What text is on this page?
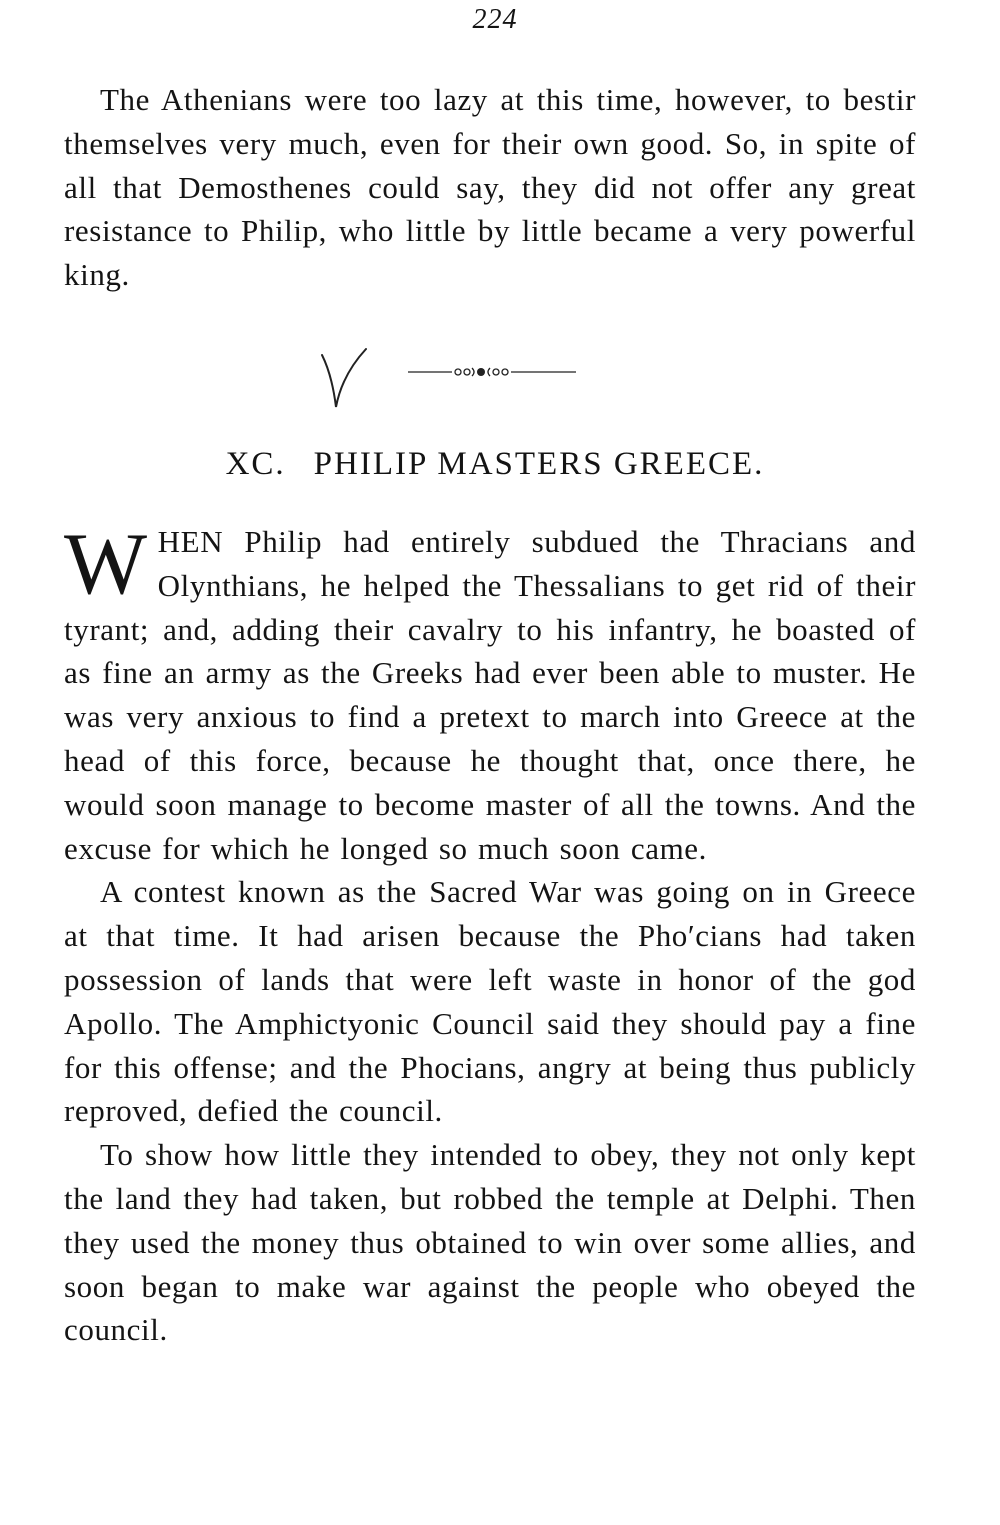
224

The Athenians were too lazy at this time, however, to bestir themselves very much, even for their own good. So, in spite of all that Demosthenes could say, they did not offer any great resistance to Philip, who little by little became a very powerful king.

XC. PHILIP MASTERS GREECE.

WHEN Philip had entirely subdued the Thracians and Olynthians, he helped the Thessalians to get rid of their tyrant; and, adding their cavalry to his infantry, he boasted of as fine an army as the Greeks had ever been able to muster. He was very anxious to find a pretext to march into Greece at the head of this force, because he thought that, once there, he would soon manage to become master of all the towns. And the excuse for which he longed so much soon came.

A contest known as the Sacred War was going on in Greece at that time. It had arisen because the Pho′cians had taken possession of lands that were left waste in honor of the god Apollo. The Amphictyonic Council said they should pay a fine for this offense; and the Phocians, angry at being thus publicly reproved, defied the council.

To show how little they intended to obey, they not only kept the land they had taken, but robbed the temple at Delphi. Then they used the money thus obtained to win over some allies, and soon began to make war against the people who obeyed the council.
